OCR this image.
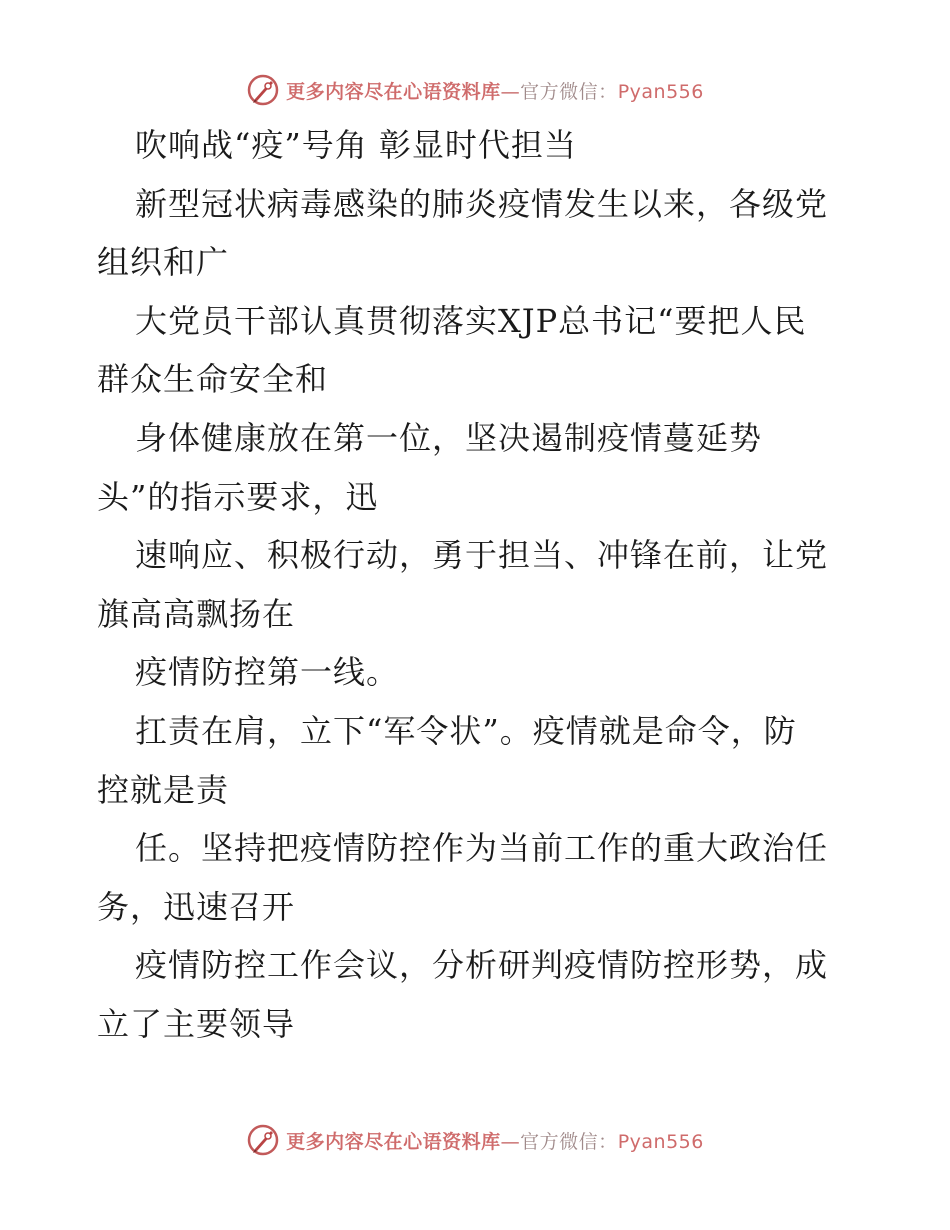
更多内容尽在心语资料库—官方微信：Pyan556
吹响战“疫”号角 彰显时代担当
新型冠状病毒感染的肺炎疫情发生以来，各级党
组织和广
大党员干部认真贯彻落实XJP总书记“要把人民
群众生命安全和
身体健康放在第一位，坚决遏制疫情蔓延势
头”的指示要求，迅
速响应、积极行动，勇于担当、冲锋在前，让党
旗高高飘扬在
疫情防控第一线。
扛责在肩，立下“军令状”。疫情就是命令，防
控就是责
任。坚持把疫情防控作为当前工作的重大政治任
务，迅速召开
疫情防控工作会议，分析研判疫情防控形势，成
立了主要领导
更多内容尽在心语资料库—官方微信：Pyan556
